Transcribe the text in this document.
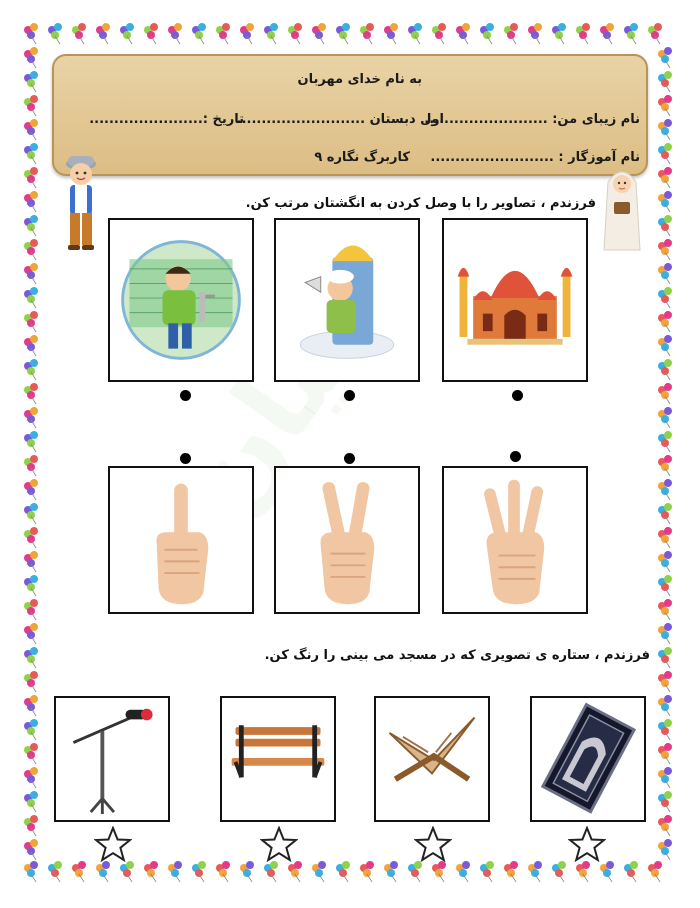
تبیان
به نام خدای مهربان
نام زیبای من: .........................
اول دبستان ..........................
تاریخ :.......................
نام آموزگار : .........................
کاربرگ نگاره ۹
فرزندم ، تصاویر را با وصل کردن به انگشتان مرتب کن.
فرزندم ، ستاره ی تصویری که در مسجد می بینی را رنگ کن.
